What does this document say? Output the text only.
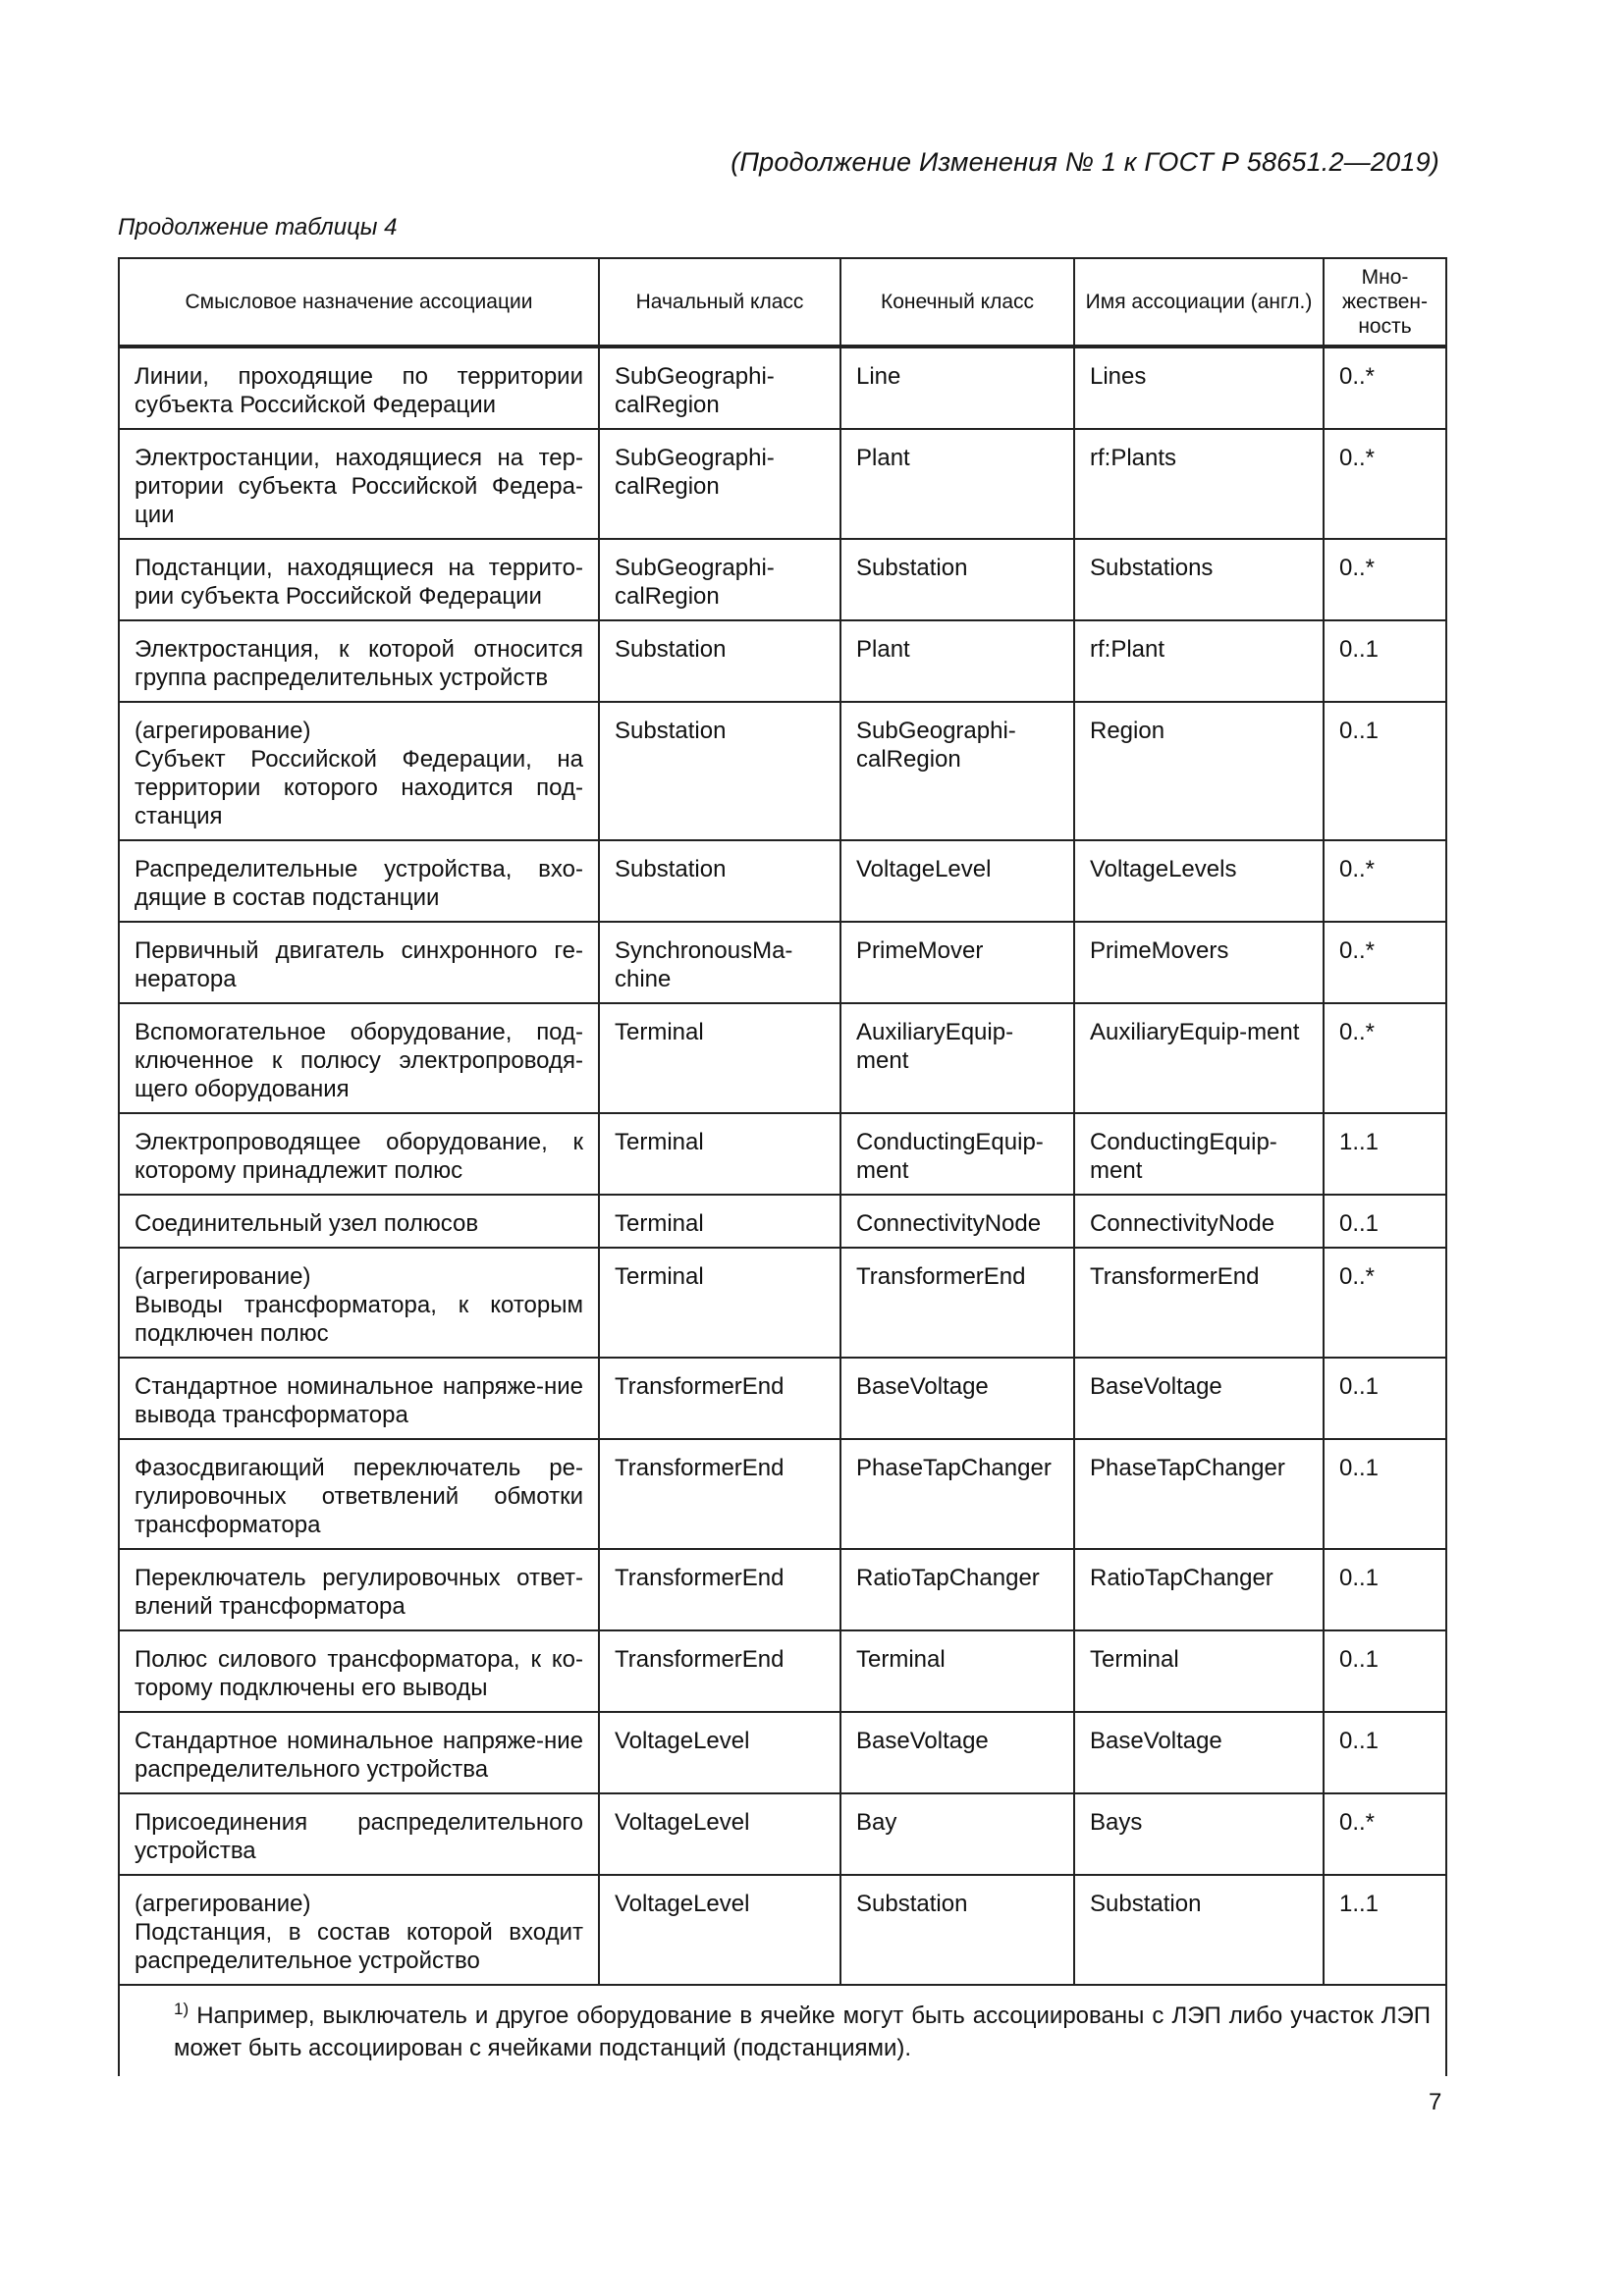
(Продолжение Изменения № 1 к ГОСТ Р 58651.2—2019)
Продолжение таблицы 4
Смысловое назначение ассоциации	Начальный класс	Конечный класс	Имя ассоциации (англ.)	Мно-жествен-ность

Линии, проходящие по территории субъекта Российской Федерации	SubGeographi-calRegion	Line	Lines	0..*

Электростанции, находящиеся на тер-ритории субъекта Российской Федера-ции	SubGeographi-calRegion	Plant	rf:Plants	0..*

Подстанции, находящиеся на террито-рии субъекта Российской Федерации	SubGeographi-calRegion	Substation	Substations	0..*

Электростанция, к которой относится группа распределительных устройств	Substation	Plant	rf:Plant	0..1

(агрегирование)
Субъект Российской Федерации, на территории которого находится под-станция	Substation	SubGeographi-calRegion	Region	0..1

Распределительные устройства, вхо-дящие в состав подстанции	Substation	VoltageLevel	VoltageLevels	0..*

Первичный двигатель синхронного ге-нератора	SynchronousMa-chine	PrimeMover	PrimeMovers	0..*

Вспомогательное оборудование, под-ключенное к полюсу электропроводя-щего оборудования	Terminal	AuxiliaryEquip-ment	AuxiliaryEquip-ment	0..*

Электропроводящее оборудование, к которому принадлежит полюс	Terminal	ConductingEquip-ment	ConductingEquip-ment	1..1

Соединительный узел полюсов	Terminal	ConnectivityNode	ConnectivityNode	0..1

(агрегирование)
Выводы трансформатора, к которым подключен полюс	Terminal	TransformerEnd	TransformerEnd	0..*

Стандартное номинальное напряже-ние вывода трансформатора	TransformerEnd	BaseVoltage	BaseVoltage	0..1

Фазосдвигающий переключатель ре-гулировочных ответвлений обмотки трансформатора	TransformerEnd	PhaseTapChanger	PhaseTapChanger	0..1

Переключатель регулировочных ответ-влений трансформатора	TransformerEnd	RatioTapChanger	RatioTapChanger	0..1

Полюс силового трансформатора, к ко-торому подключены его выводы	TransformerEnd	Terminal	Terminal	0..1

Стандартное номинальное напряже-ние распределительного устройства	VoltageLevel	BaseVoltage	BaseVoltage	0..1

Присоединения распределительного устройства	VoltageLevel	Bay	Bays	0..*

(агрегирование)
Подстанция, в состав которой входит распределительное устройство	VoltageLevel	Substation	Substation	1..1

$^{1)}$ Например, выключатель и другое оборудование в ячейке могут быть ассоциированы с ЛЭП либо участок ЛЭП может быть ассоциирован с ячейками подстанций (подстанциями).				
7
